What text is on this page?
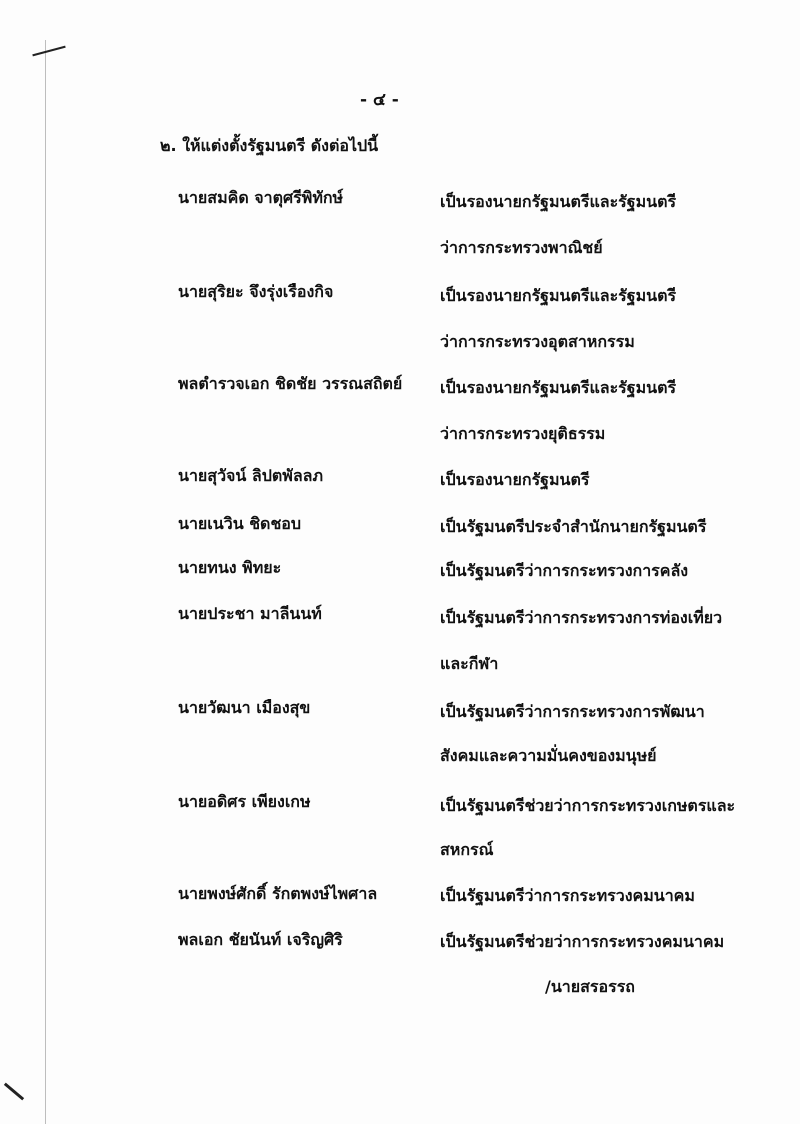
- ๔ -
๒. ให้แต่งตั้งรัฐมนตรี ดังต่อไปนี้
นายสมคิด จาตุศรีพิทักษ์	เป็นรองนายกรัฐมนตรีและรัฐมนตรี
ว่าการกระทรวงพาณิชย์
นายสุริยะ จึงรุ่งเรืองกิจ	เป็นรองนายกรัฐมนตรีและรัฐมนตรี
ว่าการกระทรวงอุตสาหกรรม
พลตำรวจเอก ชิดชัย วรรณสถิตย์ เป็นรองนายกรัฐมนตรีและรัฐมนตรี
ว่าการกระทรวงยุติธรรม
นายสุวัจน์ ลิปตพัลลภ	เป็นรองนายกรัฐมนตรี
นายเนวิน ชิดชอบ	เป็นรัฐมนตรีประจำสำนักนายกรัฐมนตรี
นายทนง พิทยะ	เป็นรัฐมนตรีว่าการกระทรวงการคลัง
นายประชา มาลีนนท์	เป็นรัฐมนตรีว่าการกระทรวงการท่องเที่ยว
และกีฬา
นายวัฒนา เมืองสุข	เป็นรัฐมนตรีว่าการกระทรวงการพัฒนา
สังคมและความมั่นคงของมนุษย์
นายอดิศร เพียงเกษ	เป็นรัฐมนตรีช่วยว่าการกระทรวงเกษตรและ
สหกรณ์
นายพงษ์ศักดิ์ รักตพงษ์ไพศาล	เป็นรัฐมนตรีว่าการกระทรวงคมนาคม
พลเอก ชัยนันท์ เจริญศิริ	เป็นรัฐมนตรีช่วยว่าการกระทรวงคมนาคม
/นายสรอรรถ
